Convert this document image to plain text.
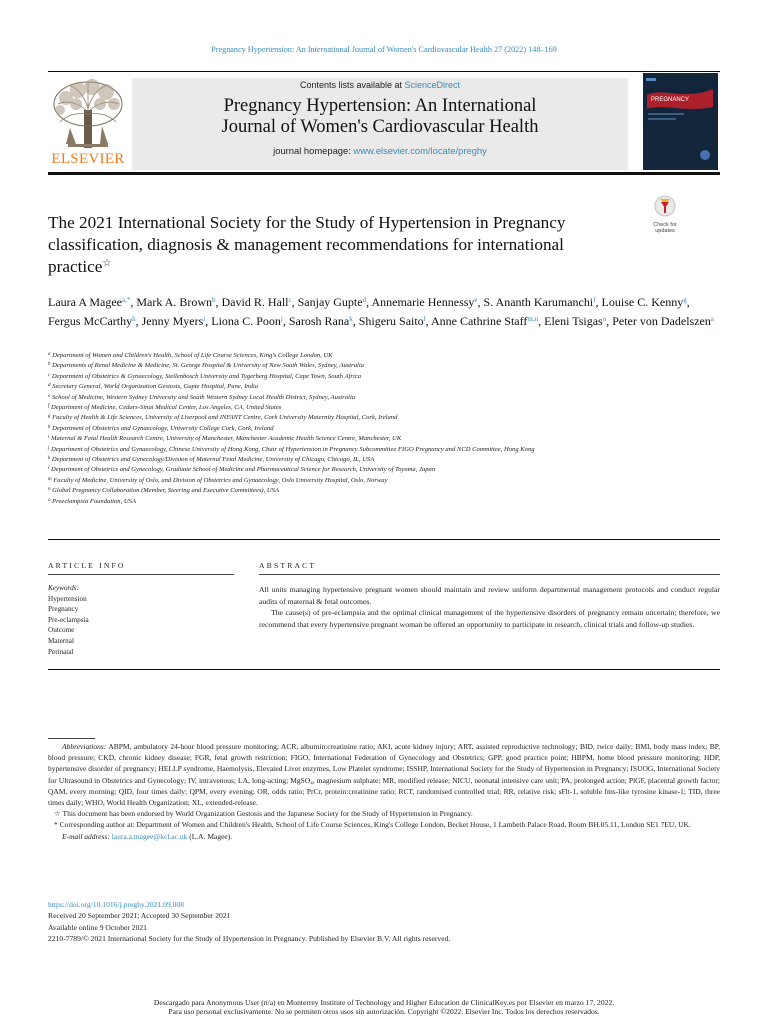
Pregnancy Hypertension: An International Journal of Women's Cardiovascular Health 27 (2022) 148–169
ELSEVIER
Contents lists available at ScienceDirect
Pregnancy Hypertension: An International
Journal of Women's Cardiovascular Health
journal homepage: www.elsevier.com/locate/preghy
PREGNANCY
The 2021 International Society for the Study of Hypertension in Pregnancy classification, diagnosis & management recommendations for international practice☆
Check for
updates
Laura A Magee$^{a,*}$, Mark A. Brown$^b$, David R. Hall$^c$, Sanjay Gupte$^d$, Annemarie Hennessy$^e$, S. Ananth Karumanchi$^f$, Louise C. Kenny$^g$, Fergus McCarthy$^h$, Jenny Myers$^i$, Liona C. Poon$^j$, Sarosh Rana$^k$, Shigeru Saito$^l$, Anne Cathrine Staff$^{m,n}$, Eleni Tsigas$^o$, Peter von Dadelszen$^a$
$^a$ Department of Women and Children's Health, School of Life Course Sciences, King's College London, UK
$^b$ Departments of Renal Medicine & Medicine, St. George Hospital & University of New South Wales, Sydney, Australia
$^c$ Department of Obstetrics & Gynaecology, Stellenbosch University and Tygerberg Hospital, Cape Town, South Africa
$^d$ Secretary General, World Organization Gestosis, Gupte Hospital, Pune, India
$^e$ School of Medicine, Western Sydney University and South Western Sydney Local Health District, Sydney, Australia
$^f$ Department of Medicine, Cedars-Sinai Medical Center, Los Angeles, CA, United States
$^g$ Faculty of Health & Life Sciences, University of Liverpool and INFANT Centre, Cork University Maternity Hospital, Cork, Ireland
$^h$ Department of Obstetrics and Gynaecology, University College Cork, Cork, Ireland
$^i$ Maternal & Fetal Health Research Centre, University of Manchester, Manchester Academic Health Science Centre, Manchester, UK
$^j$ Department of Obstetrics and Gynaecology, Chinese University of Hong Kong, Chair of Hypertension in Pregnancy Subcommittee FIGO Pregnancy and NCD Committee, Hong Kong
$^k$ Department of Obstetrics and Gynecology/Division of Maternal Fetal Medicine, University of Chicago, Chicago, IL, USA
$^l$ Department of Obstetrics and Gynecology, Graduate School of Medicine and Pharmaceutical Science for Research, University of Toyama, Japan
$^m$ Faculty of Medicine, University of Oslo, and Division of Obstetrics and Gynaecology, Oslo University Hospital, Oslo, Norway
$^n$ Global Pregnancy Collaboration (Member, Steering and Executive Committees), USA
$^o$ Preeclampsia Foundation, USA
ARTICLE INFO	ABSTRACT
Keywords:
Hypertension
Pregnancy
Pre-eclampsia
Outcome
Maternal
Perinatal

All units managing hypertensive pregnant women should maintain and review uniform departmental management protocols and conduct regular audits of maternal & fetal outcomes.

The cause(s) of pre-eclampsia and the optimal clinical management of the hypertensive disorders of pregnancy remain uncertain; therefore, we recommend that every hypertensive pregnant woman be offered an opportunity to participate in research, clinical trials and follow-up studies.

Abbreviations: ABPM, ambulatory 24-hour blood pressure monitoring; ACR, albumin:creatinine ratio; AKI, acute kidney injury; ART, assisted reproductive technology; BID, twice daily; BMI, body mass index; BP, blood pressure; CKD, chronic kidney disease; FGR, fetal growth restriction; FIGO, International Federation of Gynecology and Obstetrics; GPP, good practice point; HBPM, home blood pressure monitoring; HDP, hypertensive disorder of pregnancy; HELLP syndrome, Haemolysis, Elevated Liver enzymes, Low Platelet syndrome; ISSHP, International Society for the Study of Hypertension in Pregnancy; ISUOG, International Society for Ultrasound in Obstetrics and Gynecology; IV, intravenous; LA, long-acting; MgSO₄, magnesium sulphate; MR, modified release; NICU, neonatal intensive care unit; PA, prolonged action; PlGF, placental growth factor; QAM, every morning; QID, four times daily; QPM, every evening; OR, odds ratio; PrCr, protein:creatinine ratio; RCT, randomised controlled trial; RR, relative risk; sFlt-1, soluble fms-like tyrosine kinase-1; TID, three times daily; WHO, World Health Organization; XL, extended-release.

☆ This document has been endorsed by World Organization Gestosis and the Japanese Society for the Study of Hypertension in Pregnancy.

* Corresponding author at: Department of Women and Children's Health, School of Life Course Sciences, King's College London, Becket House, 1 Lambeth Palace Road, Room BH.05.11, London SE1 7EU, UK.

E-mail address: laura.a.magee@kcl.ac.uk (L.A. Magee).

https://doi.org/10.1016/j.preghy.2021.09.008
Received 20 September 2021; Accepted 30 September 2021
Available online 9 October 2021
2210-7789/© 2021 International Society for the Study of Hypertension in Pregnancy. Published by Elsevier B.V. All rights reserved.
Descargado para Anonymous User (n/a) en Monterrey Institute of Technology and Higher Education de ClinicalKey.es por Elsevier en marzo 17, 2022.
Para uso personal exclusivamente. No se permiten otros usos sin autorización. Copyright ©2022. Elsevier Inc. Todos los derechos reservados.
